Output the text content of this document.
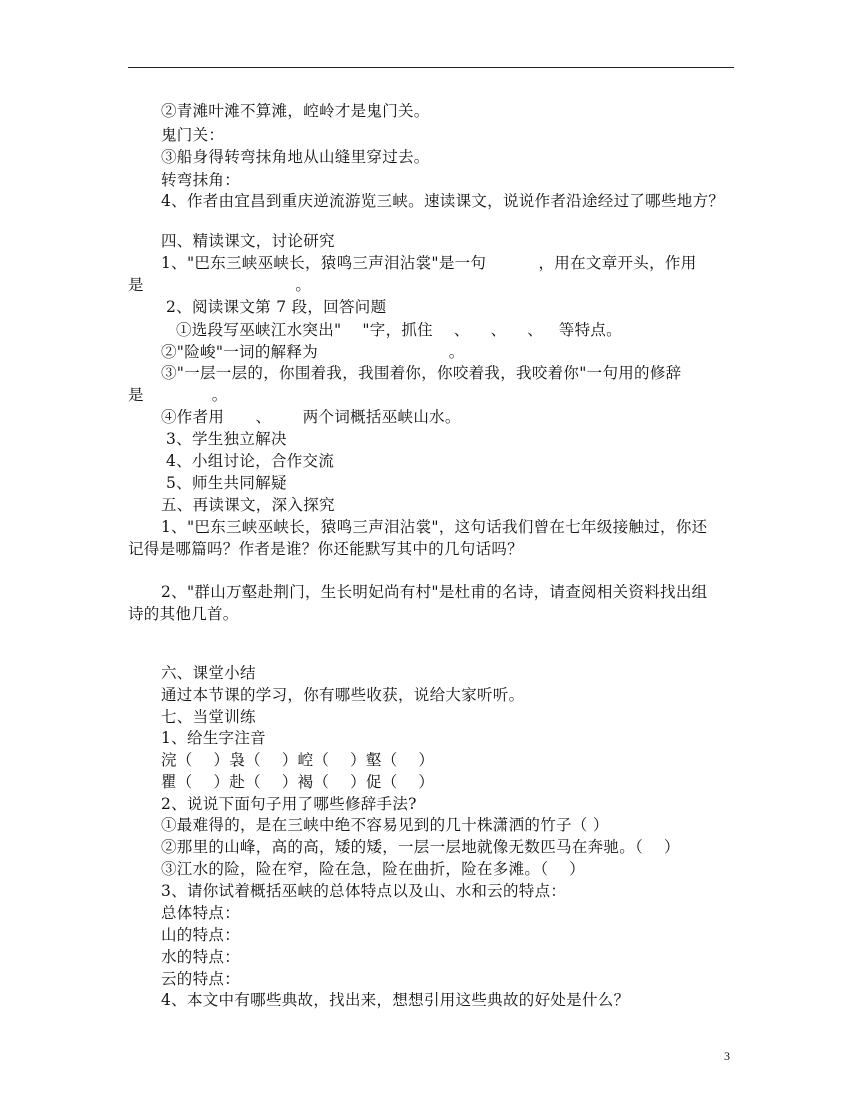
②青滩叶滩不算滩，崆岭才是鬼门关。
鬼门关：
③船身得转弯抹角地从山缝里穿过去。
转弯抹角：
4、作者由宜昌到重庆逆流游览三峡。速读课文，说说作者沿途经过了哪些地方？
四、精读课文，讨论研究
1、"巴东三峡巫峡长，猿鸣三声泪沾裳"是一句          ，用在文章开头，作用
是                             。
2、阅读课文第 7 段，回答问题
①选段写巫峡江水突出"    "字，抓住    、    、    、   等特点。
②"险峻"一词的解释为                         。
③"一层一层的，你围着我，我围着你，你咬着我，我咬着你"一句用的修辞
是             。
④作者用      、      两个词概括巫峡山水。
3、学生独立解决
4、小组讨论，合作交流
5、师生共同解疑
五、再读课文，深入探究
1、"巴东三峡巫峡长，猿鸣三声泪沾裳"，这句话我们曾在七年级接触过，你还
记得是哪篇吗？作者是谁？你还能默写其中的几句话吗？
2、"群山万壑赴荆门，生长明妃尚有村"是杜甫的名诗，请查阅相关资料找出组
诗的其他几首。
六、课堂小结
通过本节课的学习，你有哪些收获，说给大家听听。
七、当堂训练
1、给生字注音
浣（    ）袅（    ）崆（    ）壑（    ）
瞿（    ）赴（    ）褐（    ）促（    ）
2、说说下面句子用了哪些修辞手法?
①最难得的，是在三峡中绝不容易见到的几十株潇洒的竹子（ ）
②那里的山峰，高的高，矮的矮，一层一层地就像无数匹马在奔驰。（    ）
③江水的险，险在窄，险在急，险在曲折，险在多滩。（    ）
3、请你试着概括巫峡的总体特点以及山、水和云的特点：
总体特点：
山的特点：
水的特点：
云的特点：
4、本文中有哪些典故，找出来，想想引用这些典故的好处是什么？
3
